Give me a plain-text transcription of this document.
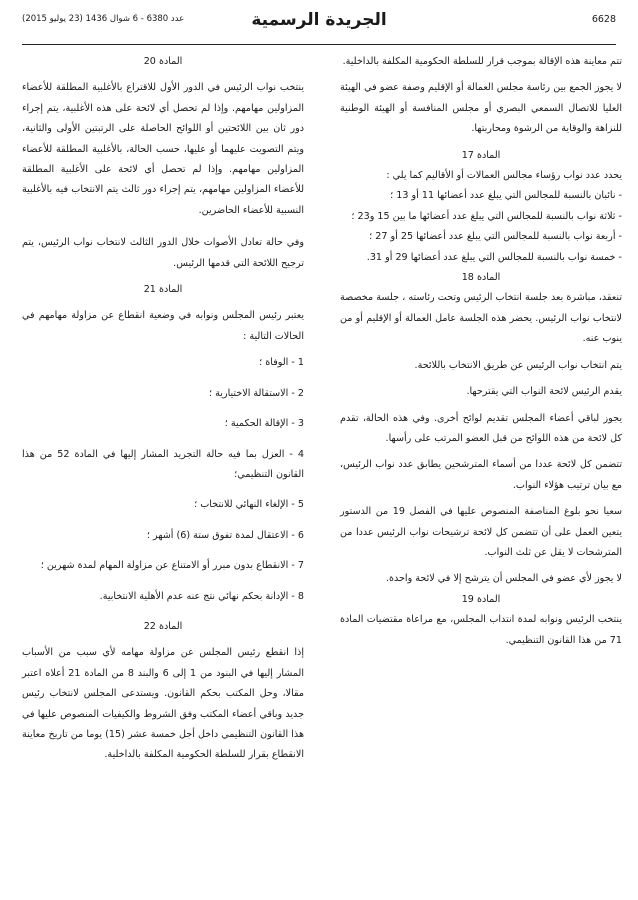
6628
الجريدة الرسمية
عدد 6380 - 6 شوال 1436 (23 يوليو 2015)

تتم معاينة هذه الإقالة بموجب قرار للسلطة الحكومية المكلفة بالداخلية.

لا يجوز الجمع بين رئاسة مجلس العمالة أو الإقليم وصفة عضو في الهيئة العليا للاتصال السمعي البصري أو مجلس المنافسة أو الهيئة الوطنية للنزاهة والوقاية من الرشوة ومحاربتها.

المادة 17

يحدد عدد نواب رؤساء مجالس العمالات أو الأقاليم كما يلي :

- نائبان بالنسبة للمجالس التي يبلغ عدد أعضائها 11 أو 13 ؛

- ثلاثة نواب بالنسبة للمجالس التي يبلغ عدد أعضائها ما بين 15 و23 ؛

- أربعة نواب بالنسبة للمجالس التي يبلغ عدد أعضائها 25 أو 27 ؛

- خمسة نواب بالنسبة للمجالس التي يبلغ عدد أعضائها 29 أو 31.

المادة 18

تنعقد، مباشرة بعد جلسة انتخاب الرئيس وتحت رئاسته ، جلسة مخصصة لانتخاب نواب الرئيس. يحضر هذه الجلسة عامل العمالة أو الإقليم أو من ينوب عنه.

يتم انتخاب نواب الرئيس عن طريق الانتخاب باللائحة.

يقدم الرئيس لائحة النواب التي يقترحها.

يجوز لباقي أعضاء المجلس تقديم لوائح أخرى. وفي هذه الحالة، تقدم كل لائحة من هذه اللوائح من قبل العضو المرتب على رأسها.

تتضمن كل لائحة عددا من أسماء المترشحين يطابق عدد نواب الرئيس، مع بيان ترتيب هؤلاء النواب.

سعيا نحو بلوغ المناصفة المنصوص عليها في الفصل 19 من الدستور يتعين العمل على أن تتضمن كل لائحة ترشيحات نواب الرئيس عددا من المترشحات لا يقل عن ثلث النواب.

لا يجوز لأي عضو في المجلس أن يترشح إلا في لائحة واحدة.

المادة 19

ينتخب الرئيس ونوابه لمدة انتداب المجلس، مع مراعاة مقتضيات المادة 71 من هذا القانون التنظيمي.

المادة 20

ينتخب نواب الرئيس في الدور الأول للاقتراع بالأغلبية المطلقة للأعضاء المزاولين مهامهم. وإذا لم تحصل أي لائحة على هذه الأغلبية، يتم إجراء دور ثان بين اللائحتين أو اللوائح الحاصلة على الرتبتين الأولى والثانية، ويتم التصويت عليهما أو عليها، حسب الحالة، بالأغلبية المطلقة للأعضاء المزاولين مهامهم. وإذا لم تحصل أي لائحة على الأغلبية المطلقة للأعضاء المزاولين مهامهم، يتم إجراء دور ثالث يتم الانتخاب فيه بالأغلبية النسبية للأعضاء الحاضرين.

وفي حالة تعادل الأصوات خلال الدور الثالث لانتخاب نواب الرئيس، يتم ترجيح اللائحة التي قدمها الرئيس.

المادة 21

يعتبر رئيس المجلس ونوابه في وضعية انقطاع عن مزاولة مهامهم في الحالات التالية :

1 - الوفاة ؛

2 - الاستقالة الاختيارية ؛

3 - الإقالة الحكمية ؛

4 - العزل بما فيه حالة التجريد المشار إليها في المادة 52 من هذا القانون التنظيمي؛

5 - الإلغاء النهائي للانتخاب ؛

6 - الاعتقال لمدة تفوق ستة (6) أشهر ؛

7 - الانقطاع بدون مبرر أو الامتناع عن مزاولة المهام لمدة شهرين ؛

8 - الإدانة بحكم نهائي نتج عنه عدم الأهلية الانتخابية.

المادة 22

إذا انقطع رئيس المجلس عن مزاولة مهامه لأي سبب من الأسباب المشار إليها في البنود من 1 إلى 6 والبند 8 من المادة 21 أعلاه اعتبر مقالا، وحل المكتب بحكم القانون. ويستدعى المجلس لانتخاب رئيس جديد وباقي أعضاء المكتب وفق الشروط والكيفيات المنصوص عليها في هذا القانون التنظيمي داخل أجل خمسة عشر (15) يوما من تاريخ معاينة الانقطاع بقرار للسلطة الحكومية المكلفة بالداخلية.
